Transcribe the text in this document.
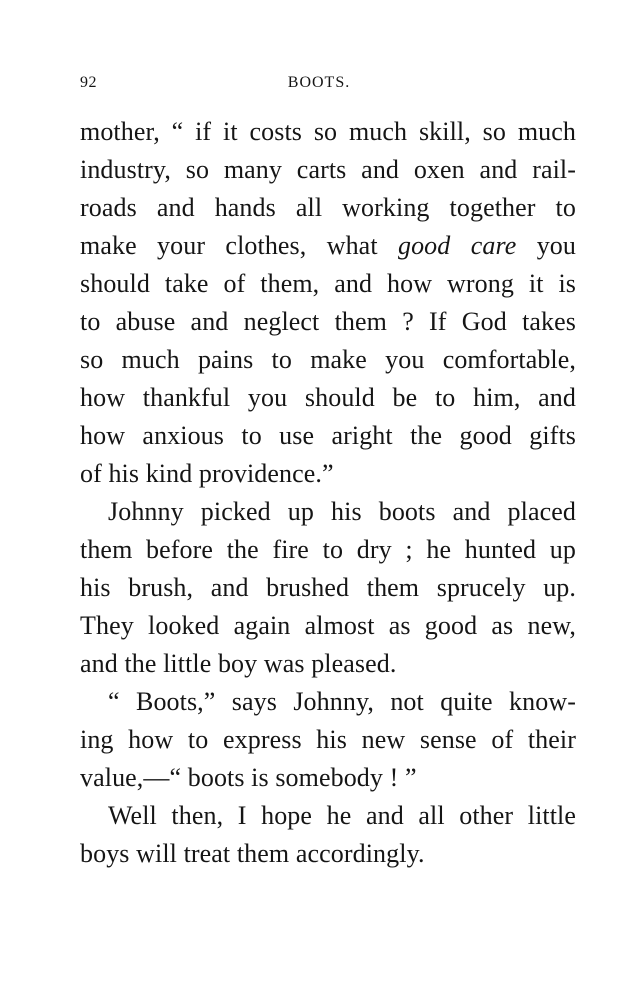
92	BOOTS.
mother, “ if it costs so much skill, so much
industry, so many carts and oxen and rail-
roads and hands all working together to
make your clothes, what good care you
should take of them, and how wrong it is
to abuse and neglect them ? If God takes
so much pains to make you comfortable,
how thankful you should be to him, and
how anxious to use aright the good gifts
of his kind providence.”
Johnny picked up his boots and placed
them before the fire to dry ; he hunted up
his brush, and brushed them sprucely up.
They looked again almost as good as new,
and the little boy was pleased.
“ Boots,” says Johnny, not quite know-
ing how to express his new sense of their
value,—“ boots is somebody ! ”
Well then, I hope he and all other little
boys will treat them accordingly.
